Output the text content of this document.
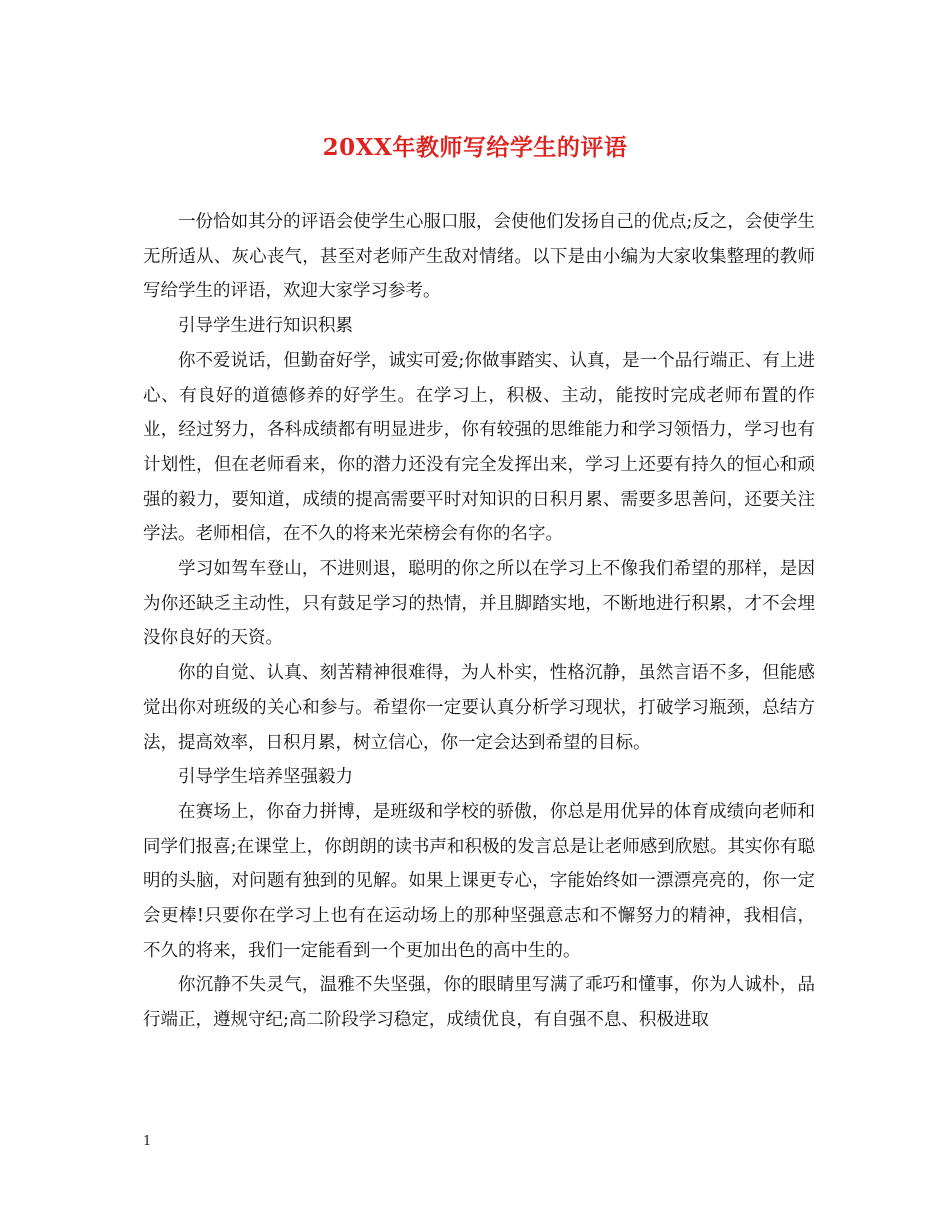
20XX年教师写给学生的评语

一份恰如其分的评语会使学生心服口服，会使他们发扬自己的优点;反之，会使学生无所适从、灰心丧气，甚至对老师产生敌对情绪。以下是由小编为大家收集整理的教师写给学生的评语，欢迎大家学习参考。

引导学生进行知识积累

你不爱说话，但勤奋好学，诚实可爱;你做事踏实、认真，是一个品行端正、有上进心、有良好的道德修养的好学生。在学习上，积极、主动，能按时完成老师布置的作业，经过努力，各科成绩都有明显进步，你有较强的思维能力和学习领悟力，学习也有计划性，但在老师看来，你的潜力还没有完全发挥出来，学习上还要有持久的恒心和顽强的毅力，要知道，成绩的提高需要平时对知识的日积月累、需要多思善问，还要关注学法。老师相信，在不久的将来光荣榜会有你的名字。

学习如驾车登山，不进则退，聪明的你之所以在学习上不像我们希望的那样，是因为你还缺乏主动性，只有鼓足学习的热情，并且脚踏实地，不断地进行积累，才不会埋没你良好的天资。

你的自觉、认真、刻苦精神很难得，为人朴实，性格沉静，虽然言语不多，但能感觉出你对班级的关心和参与。希望你一定要认真分析学习现状，打破学习瓶颈，总结方法，提高效率，日积月累，树立信心，你一定会达到希望的目标。

引导学生培养坚强毅力

在赛场上，你奋力拼博，是班级和学校的骄傲，你总是用优异的体育成绩向老师和同学们报喜;在课堂上，你朗朗的读书声和积极的发言总是让老师感到欣慰。其实你有聪明的头脑，对问题有独到的见解。如果上课更专心，字能始终如一漂漂亮亮的，你一定会更棒!只要你在学习上也有在运动场上的那种坚强意志和不懈努力的精神，我相信，不久的将来，我们一定能看到一个更加出色的高中生的。

你沉静不失灵气，温雅不失坚强，你的眼睛里写满了乖巧和懂事，你为人诚朴，品行端正，遵规守纪;高二阶段学习稳定，成绩优良，有自强不息、积极进取

1
